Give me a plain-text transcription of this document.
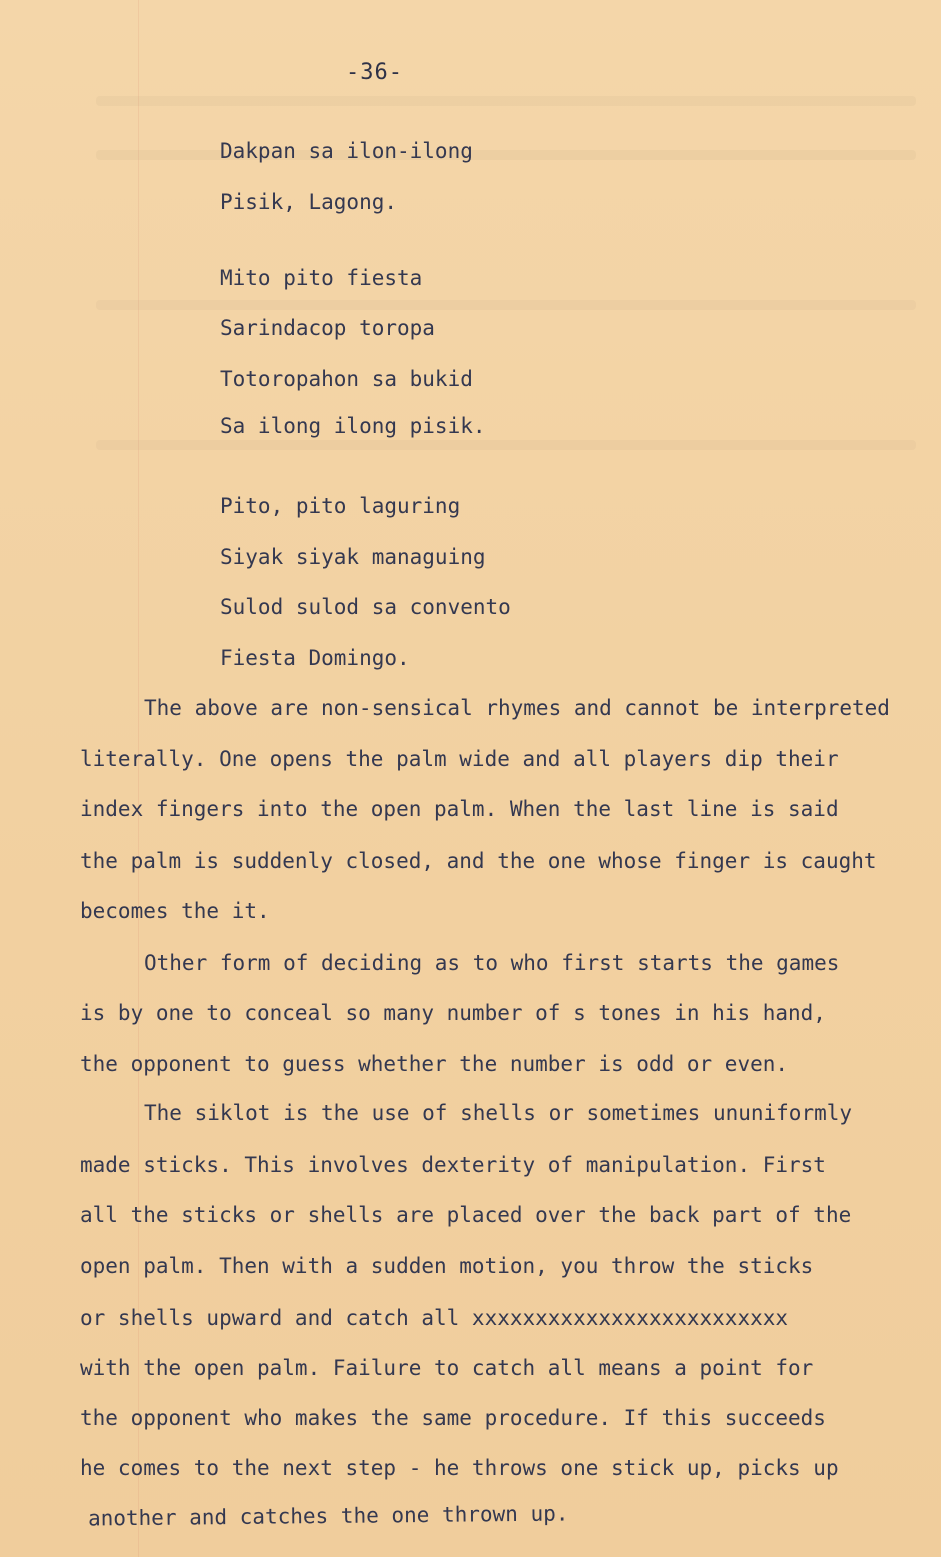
-36-
Dakpan sa ilon-ilong
Pisik, Lagong.
Mito pito fiesta
Sarindacop toropa
Totoropahon sa bukid
Sa ilong ilong pisik.
Pito, pito laguring
Siyak siyak managuing
Sulod sulod sa convento
Fiesta Domingo.
The above are non-sensical rhymes and cannot be interpreted
literally. One opens the palm wide and all players dip their
index fingers into the open palm. When the last line is said
the palm is suddenly closed, and the one whose finger is caught
becomes the it.
Other form of deciding as to who first starts the games
is by one to conceal so many number of s tones in his hand,
the opponent to guess whether the number is odd or even.
The siklot is the use of shells or sometimes ununiformly
made sticks. This involves dexterity of manipulation. First
all the sticks or shells are placed over the back part of the
open palm. Then with a sudden motion, you throw the sticks
or shells upward and catch all xxxxxxxxxxxxxxxxxxxxxxxxx
with the open palm. Failure to catch all means a point for
the opponent who makes the same procedure. If this succeeds
he comes to the next step - he throws one stick up, picks up
another and catches the one thrown up.
